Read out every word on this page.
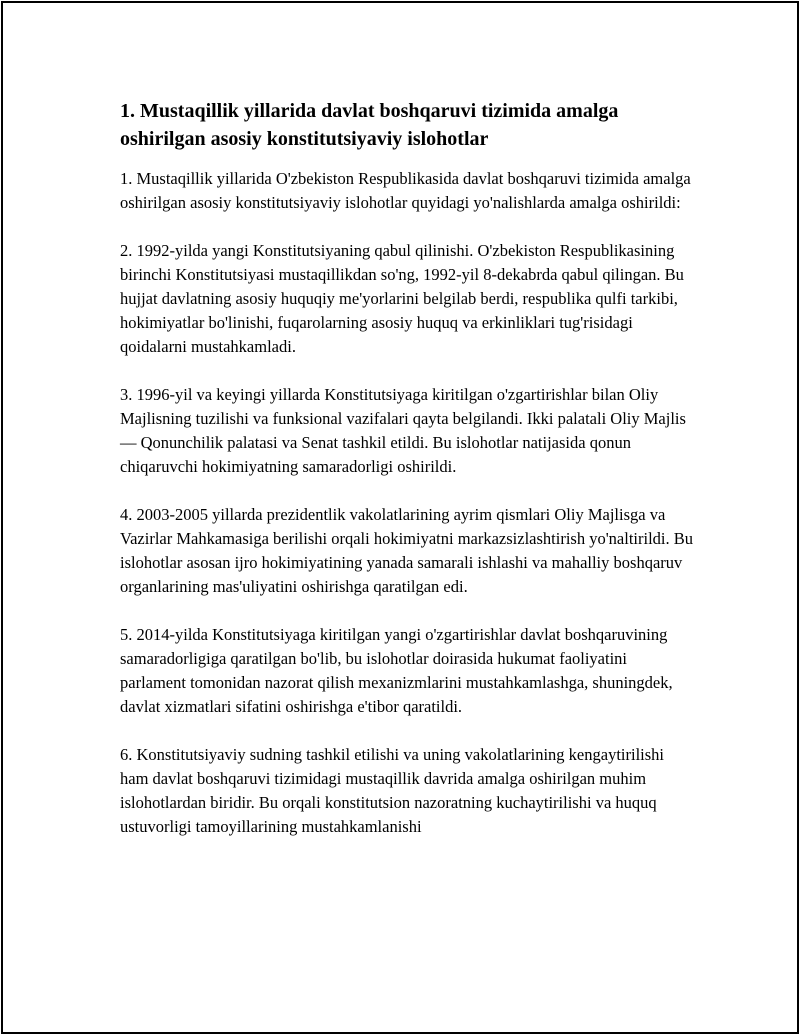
1. Mustaqillik yillarida davlat boshqaruvi tizimida amalga oshirilgan asosiy konstitutsiyaviy islohotlar

1. Mustaqillik yillarida O'zbekiston Respublikasida davlat boshqaruvi tizimida amalga oshirilgan asosiy konstitutsiyaviy islohotlar quyidagi yo'nalishlarda amalga oshirildi:

2. 1992-yilda yangi Konstitutsiyaning qabul qilinishi. O'zbekiston Respublikasining birinchi Konstitutsiyasi mustaqillikdan so'ng, 1992-yil 8-dekabrda qabul qilingan. Bu hujjat davlatning asosiy huquqiy me'yorlarini belgilab berdi, respublika qulfi tarkibi, hokimiyatlar bo'linishi, fuqarolarning asosiy huquq va erkinliklari tug'risidagi qoidalarni mustahkamladi.

3. 1996-yil va keyingi yillarda Konstitutsiyaga kiritilgan o'zgartirishlar bilan Oliy Majlisning tuzilishi va funksional vazifalari qayta belgilandi. Ikki palatali Oliy Majlis — Qonunchilik palatasi va Senat tashkil etildi. Bu islohotlar natijasida qonun chiqaruvchi hokimiyatning samaradorligi oshirildi.

4. 2003-2005 yillarda prezidentlik vakolatlarining ayrim qismlari Oliy Majlisga va Vazirlar Mahkamasiga berilishi orqali hokimiyatni markazsizlashtirish yo'naltirildi. Bu islohotlar asosan ijro hokimiyatining yanada samarali ishlashi va mahalliy boshqaruv organlarining mas'uliyatini oshirishga qaratilgan edi.

5. 2014-yilda Konstitutsiyaga kiritilgan yangi o'zgartirishlar davlat boshqaruvining samaradorligiga qaratilgan bo'lib, bu islohotlar doirasida hukumat faoliyatini parlament tomonidan nazorat qilish mexanizmlarini mustahkamlashga, shuningdek, davlat xizmatlari sifatini oshirishga e'tibor qaratildi.

6. Konstitutsiyaviy sudning tashkil etilishi va uning vakolatlarining kengaytirilishi ham davlat boshqaruvi tizimidagi mustaqillik davrida amalga oshirilgan muhim islohotlardan biridir. Bu orqali konstitutsion nazoratning kuchaytirilishi va huquq ustuvorligi tamoyillarining mustahkamlanishi
